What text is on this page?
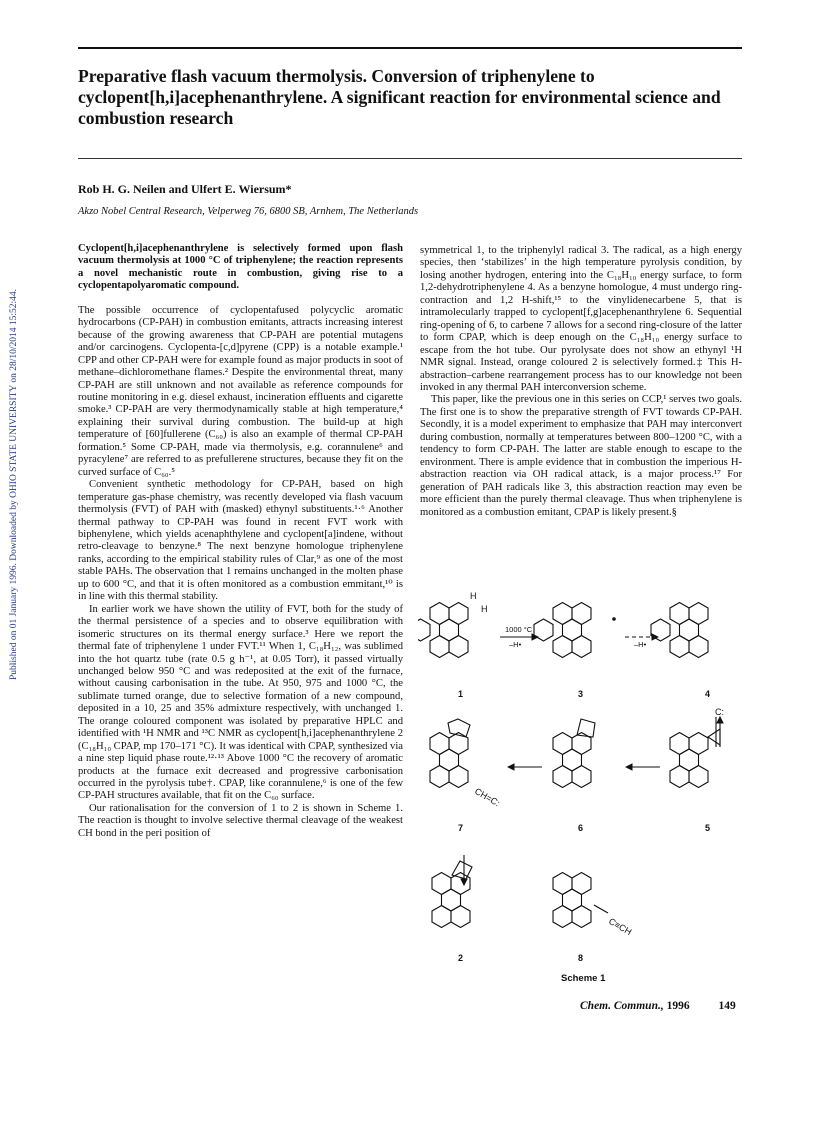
Published on 01 January 1996. Downloaded by OHIO STATE UNIVERSITY on 28/10/2014 15:52:44.
Preparative flash vacuum thermolysis. Conversion of triphenylene to cyclopent[h,i]acephenanthrylene. A significant reaction for environmental science and combustion research

Rob H. G. Neilen and Ulfert E. Wiersum*

Akzo Nobel Central Research, Velperweg 76, 6800 SB, Arnhem, The Netherlands

Cyclopent[h,i]acephenanthrylene is selectively formed upon flash vacuum thermolysis at 1000 °C of triphenylene; the reaction represents a novel mechanistic route in combustion, giving rise to a cyclopentapolyaromatic compound.

The possible occurrence of cyclopentafused polycyclic aromatic hydrocarbons (CP-PAH) in combustion emitants, attracts increasing interest because of the growing awareness that CP-PAH are potential mutagens and/or carcinogens. Cyclopenta-[c,d]pyrene (CPP) is a notable example.¹ CPP and other CP-PAH were for example found as major products in soot of methane–dichloromethane flames.² Despite the environmental threat, many CP-PAH are still unknown and not available as reference compounds for routine monitoring in e.g. diesel exhaust, incineration effluents and cigarette smoke.³ CP-PAH are very thermodynamically stable at high temperature,⁴ explaining their survival during combustion. The build-up at high temperature of [60]fullerene (C₆₀) is also an example of thermal CP-PAH formation.⁵ Some CP-PAH, made via thermolysis, e.g. corannulene⁶ and pyracylene⁷ are referred to as prefullerene structures, because they fit on the curved surface of C₆₀.⁵

Convenient synthetic methodology for CP-PAH, based on high temperature gas-phase chemistry, was recently developed via flash vacuum thermolysis (FVT) of PAH with (masked) ethynyl substituents.¹·⁶ Another thermal pathway to CP-PAH was found in recent FVT work with biphenylene, which yields acenaphthylene and cyclopent[a]indene, without retro-cleavage to benzyne.⁸ The next benzyne homologue triphenylene ranks, according to the empirical stability rules of Clar,⁹ as one of the most stable PAHs. The observation that 1 remains unchanged in the molten phase up to 600 °C, and that it is often monitored as a combustion emmitant,¹⁰ is in line with this thermal stability.

In earlier work we have shown the utility of FVT, both for the study of the thermal persistence of a species and to observe equilibration with isomeric structures on its thermal energy surface.³ Here we report the thermal fate of triphenylene 1 under FVT.¹¹ When 1, C₁₈H₁₂, was sublimed into the hot quartz tube (rate 0.5 g h⁻¹, at 0.05 Torr), it passed virtually unchanged below 950 °C and was redeposited at the exit of the furnace, without causing carbonisation in the tube. At 950, 975 and 1000 °C, the sublimate turned orange, due to selective formation of a new compound, deposited in a 10, 25 and 35% admixture respectively, with unchanged 1. The orange coloured component was isolated by preparative HPLC and identified with ¹H NMR and ¹³C NMR as cyclopent[h,i]acephenanthrylene 2 (C₁₈H₁₀ CPAP, mp 170–171 °C). It was identical with CPAP, synthesized via a nine step liquid phase route.¹²·¹³ Above 1000 °C the recovery of aromatic products at the furnace exit decreased and progressive carbonisation occurred in the pyrolysis tube†. CPAP, like corannulene,⁶ is one of the few CP-PAH structures available, that fit on the C₆₀ surface.

Our rationalisation for the conversion of 1 to 2 is shown in Scheme 1. The reaction is thought to involve selective thermal cleavage of the weakest CH bond in the peri position of

symmetrical 1, to the triphenylyl radical 3. The radical, as a high energy species, then ‘stabilizes’ in the high temperature pyrolysis condition, by losing another hydrogen, entering into the C₁₈H₁₀ energy surface, to form 1,2-dehydrotriphenylene 4. As a benzyne homologue, 4 must undergo ring-contraction and 1,2 H-shift,¹⁵ to the vinylidenecarbene 5, that is intramolecularly trapped to cyclopent[f,g]acephenanthrylene 6. Sequential ring-opening of 6, to carbene 7 allows for a second ring-closure of the latter to form CPAP, which is deep enough on the C₁₈H₁₀ energy surface to escape from the hot tube. Our pyrolysate does not show an ethynyl ¹H NMR signal. Instead, orange coloured 2 is selectively formed.‡ This H-abstraction–carbene rearrangement process has to our knowledge not been invoked in any thermal PAH interconversion scheme.

This paper, like the previous one in this series on CCP,¹ serves two goals. The first one is to show the preparative strength of FVT towards CP-PAH. Secondly, it is a model experiment to emphasize that PAH may interconvert during combustion, normally at temperatures between 800–1200 °C, with a tendency to form CP-PAH. The latter are stable enough to escape to the environment. There is ample evidence that in combustion the imperious H-abstraction reaction via OH radical attack, is a major process.¹⁷ For generation of PAH radicals like 3, this abstraction reaction may even be more efficient than the purely thermal cleavage. Thus when triphenylene is monitored as a combustion emitant, CPAP is likely present.§

1000 °C
–H•	–H•
H
H
C:
CH=C:
C≡CH
1	3	4
5
6
7
2	8
Scheme 1
Chem. Commun., 1996	149
